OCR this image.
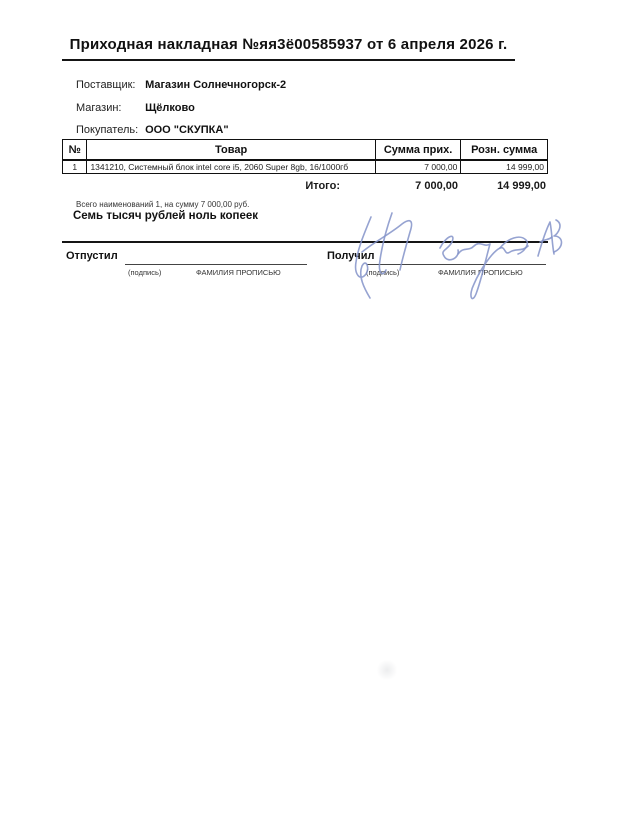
Приходная накладная №яя3ё00585937 от 6 апреля 2026 г.
Поставщик: Магазин Солнечногорск-2
Магазин: Щёлково
Покупатель: ООО "СКУПКА"
№	Товар	Сумма прих.	Розн. сумма
1	1341210, Системный блок intel core i5, 2060 Super 8gb, 16/1000гб	7 000,00	14 999,00
Итого:	7 000,00	14 999,00
Всего наименований 1, на сумму 7 000,00 руб.
Семь тысяч рублей ноль копеек
Отпустил
(подпись)	ФАМИЛИЯ ПРОПИСЬЮ
Получил
(подпись)	ФАМИЛИЯ ПРОПИСЬЮ
